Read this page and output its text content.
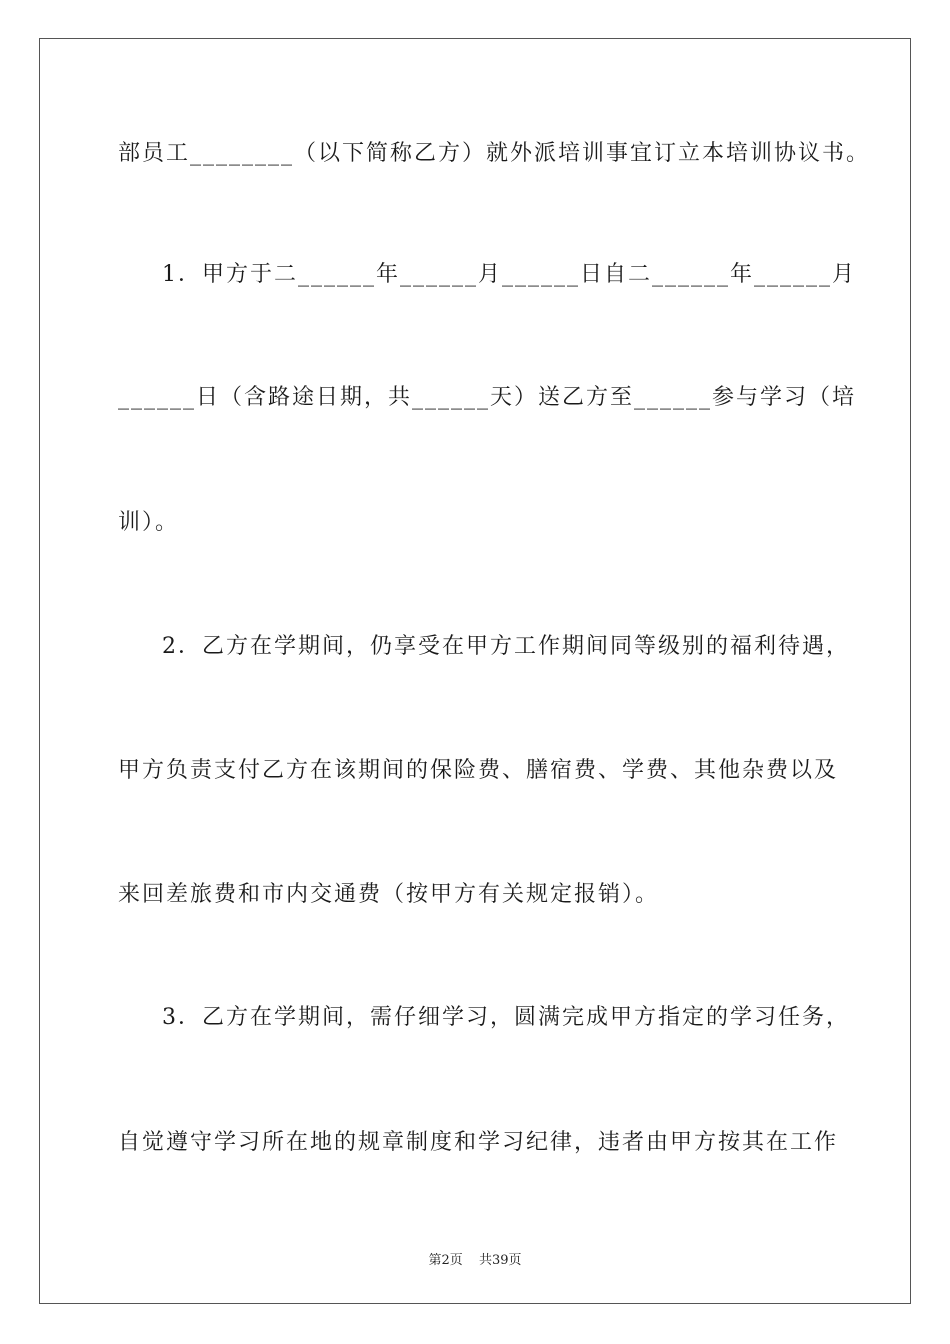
部员工________（以下简称乙方）就外派培训事宜订立本培训协议书。
1．甲方于二______年______月______日自二______年______月
______日（含路途日期，共______天）送乙方至______参与学习（培
训）。
2．乙方在学期间，仍享受在甲方工作期间同等级别的福利待遇，
甲方负责支付乙方在该期间的保险费、膳宿费、学费、其他杂费以及
来回差旅费和市内交通费（按甲方有关规定报销）。
3．乙方在学期间，需仔细学习，圆满完成甲方指定的学习任务，
自觉遵守学习所在地的规章制度和学习纪律，违者由甲方按其在工作
第2页 共39页
